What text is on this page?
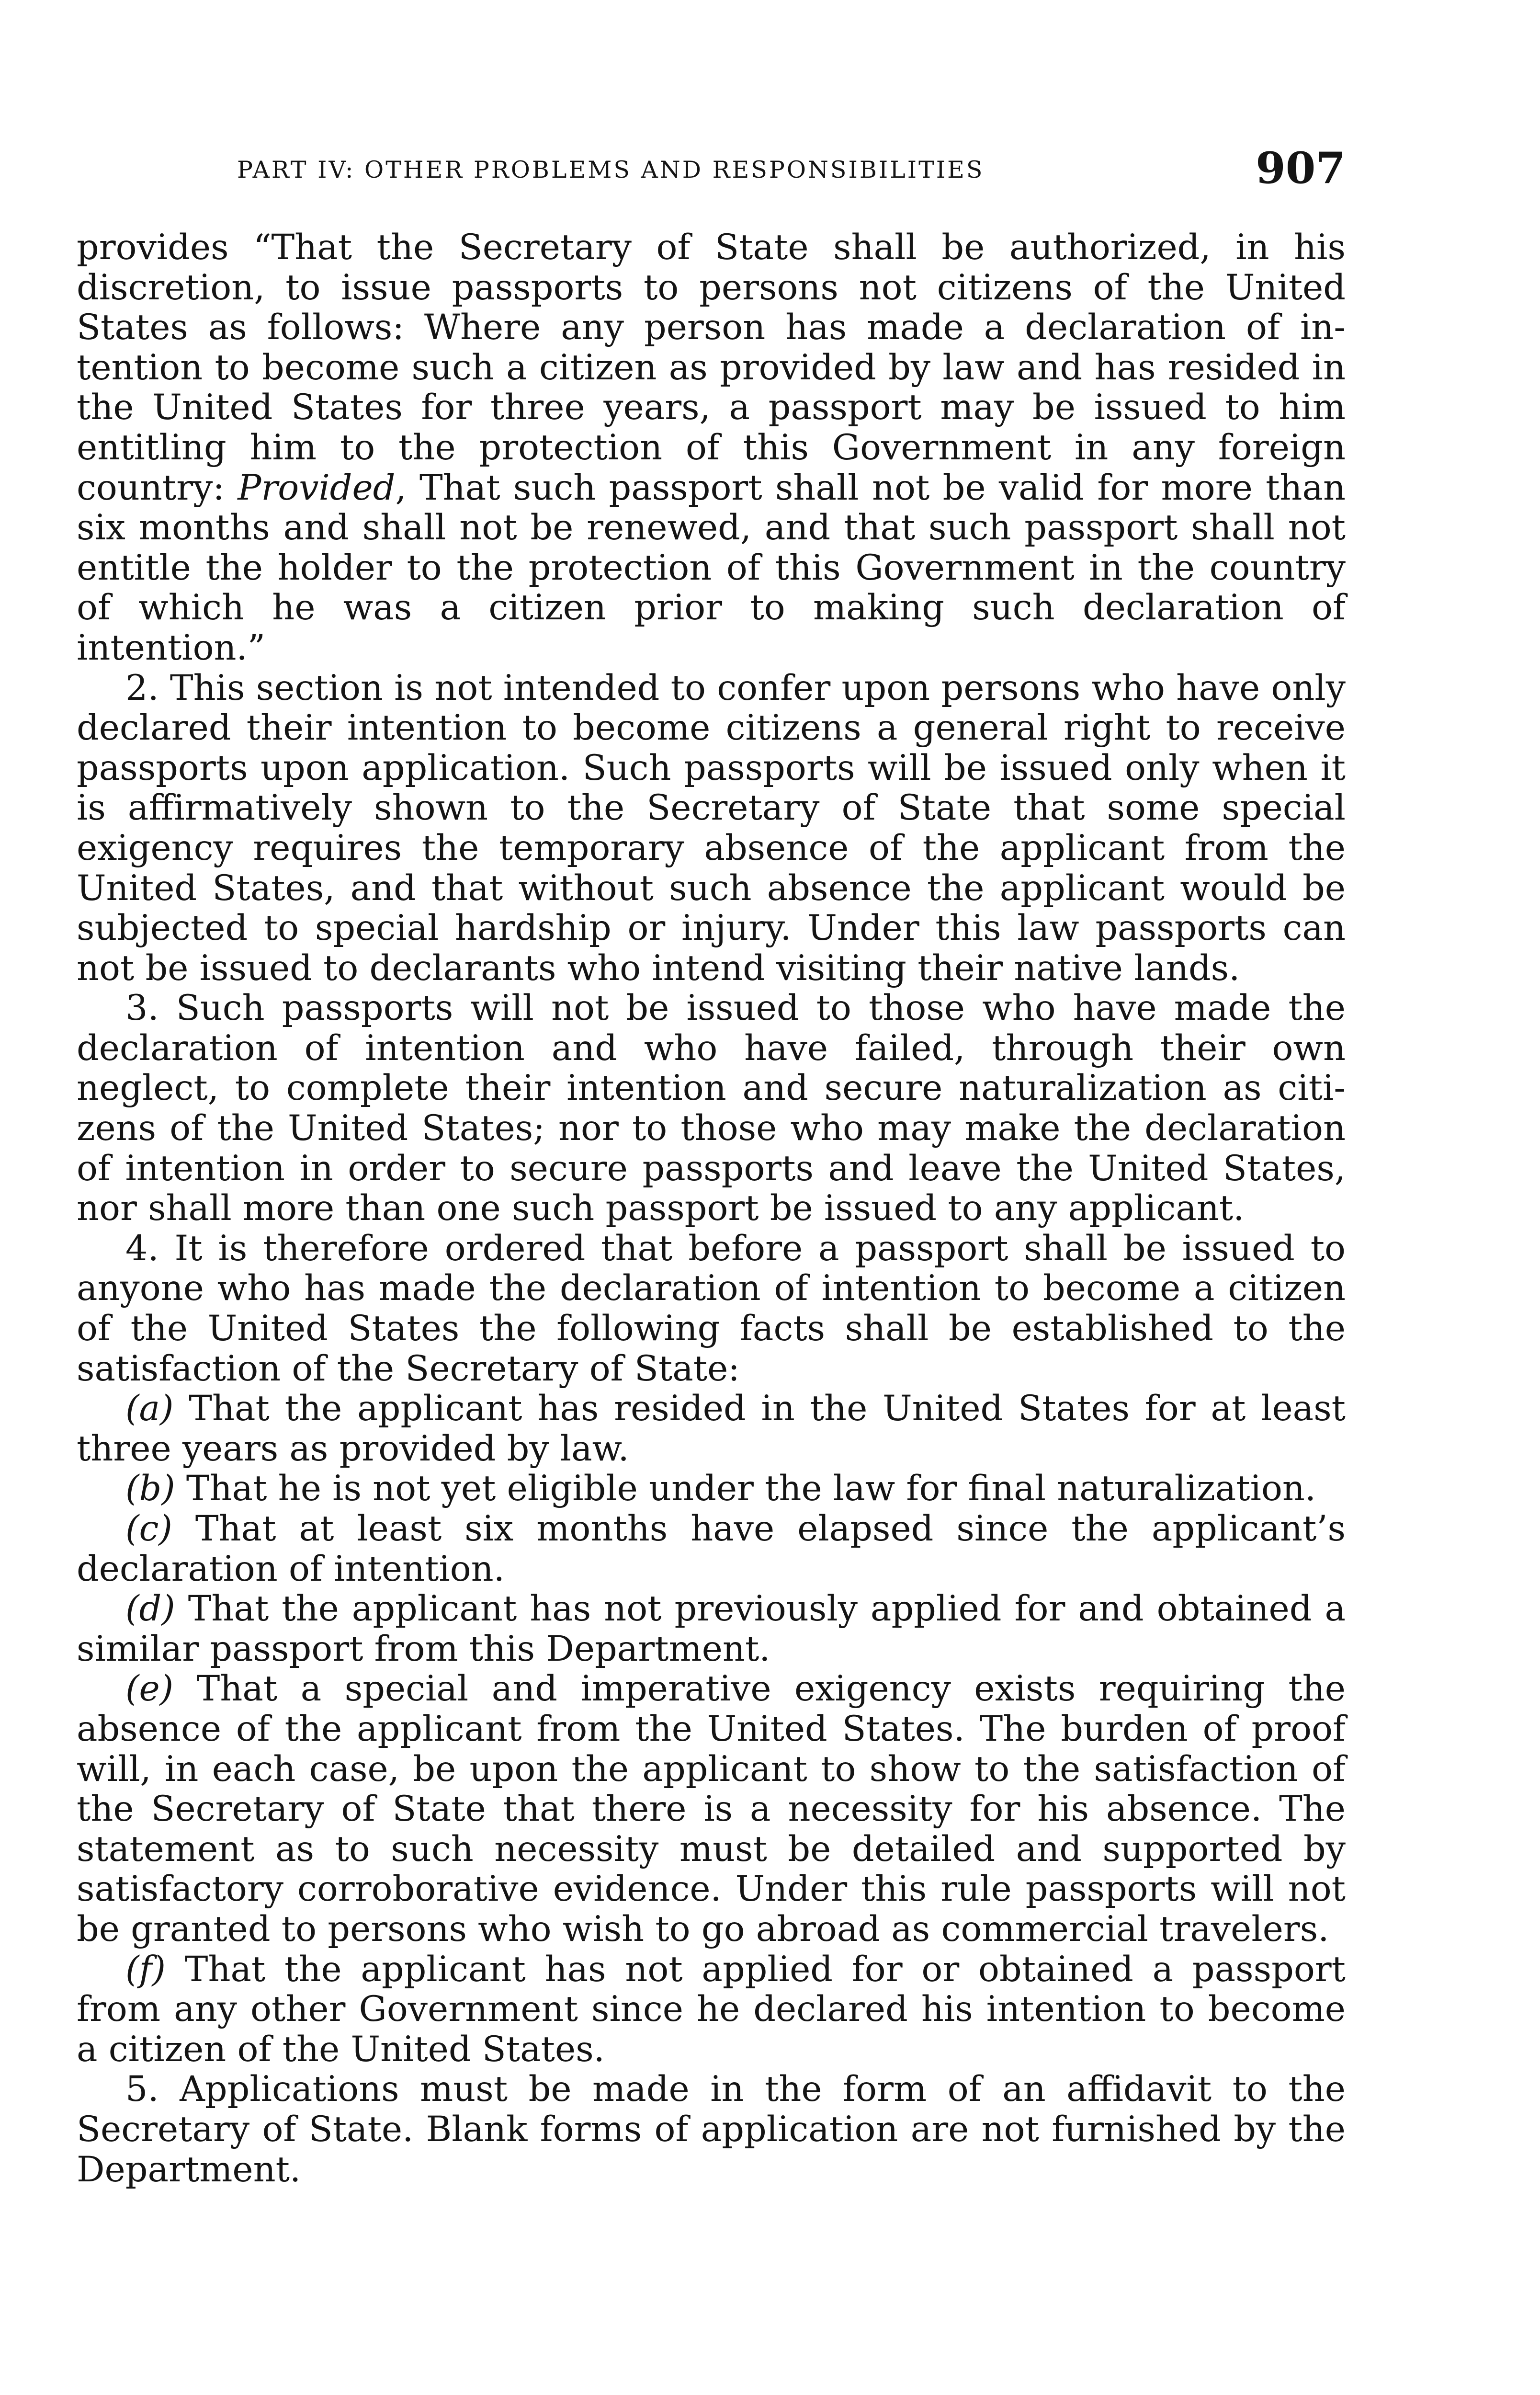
PART IV: OTHER PROBLEMS AND RESPONSIBILITIES	907

provides “That the Secretary of State shall be authorized, in his discretion, to issue passports to persons not citizens of the United States as follows: Where any person has made a declaration of intention to become such a citizen as provided by law and has resided in the United States for three years, a passport may be issued to him entitling him to the protection of this Government in any foreign country: Provided, That such passport shall not be valid for more than six months and shall not be renewed, and that such passport shall not entitle the holder to the protection of this Government in the country of which he was a citizen prior to making such declaration of intention.”

2. This section is not intended to confer upon persons who have only declared their intention to become citizens a general right to receive passports upon application. Such passports will be issued only when it is affirmatively shown to the Secretary of State that some special exigency requires the temporary absence of the applicant from the United States, and that without such absence the applicant would be subjected to special hardship or injury. Under this law passports can not be issued to declarants who intend visiting their native lands.

3. Such passports will not be issued to those who have made the declaration of intention and who have failed, through their own neglect, to complete their intention and secure naturalization as citizens of the United States; nor to those who may make the declaration of intention in order to secure passports and leave the United States, nor shall more than one such passport be issued to any applicant.

4. It is therefore ordered that before a passport shall be issued to anyone who has made the declaration of intention to become a citizen of the United States the following facts shall be established to the satisfaction of the Secretary of State:

(a) That the applicant has resided in the United States for at least three years as provided by law.

(b) That he is not yet eligible under the law for final naturalization.

(c) That at least six months have elapsed since the applicant’s declaration of intention.

(d) That the applicant has not previously applied for and obtained a similar passport from this Department.

(e) That a special and imperative exigency exists requiring the absence of the applicant from the United States. The burden of proof will, in each case, be upon the applicant to show to the satisfaction of the Secretary of State that there is a necessity for his absence. The statement as to such necessity must be detailed and supported by satisfactory corroborative evidence. Under this rule passports will not be granted to persons who wish to go abroad as commercial travelers.

(f) That the applicant has not applied for or obtained a passport from any other Government since he declared his intention to become a citizen of the United States.

5. Applications must be made in the form of an affidavit to the Secretary of State. Blank forms of application are not furnished by the Department.
